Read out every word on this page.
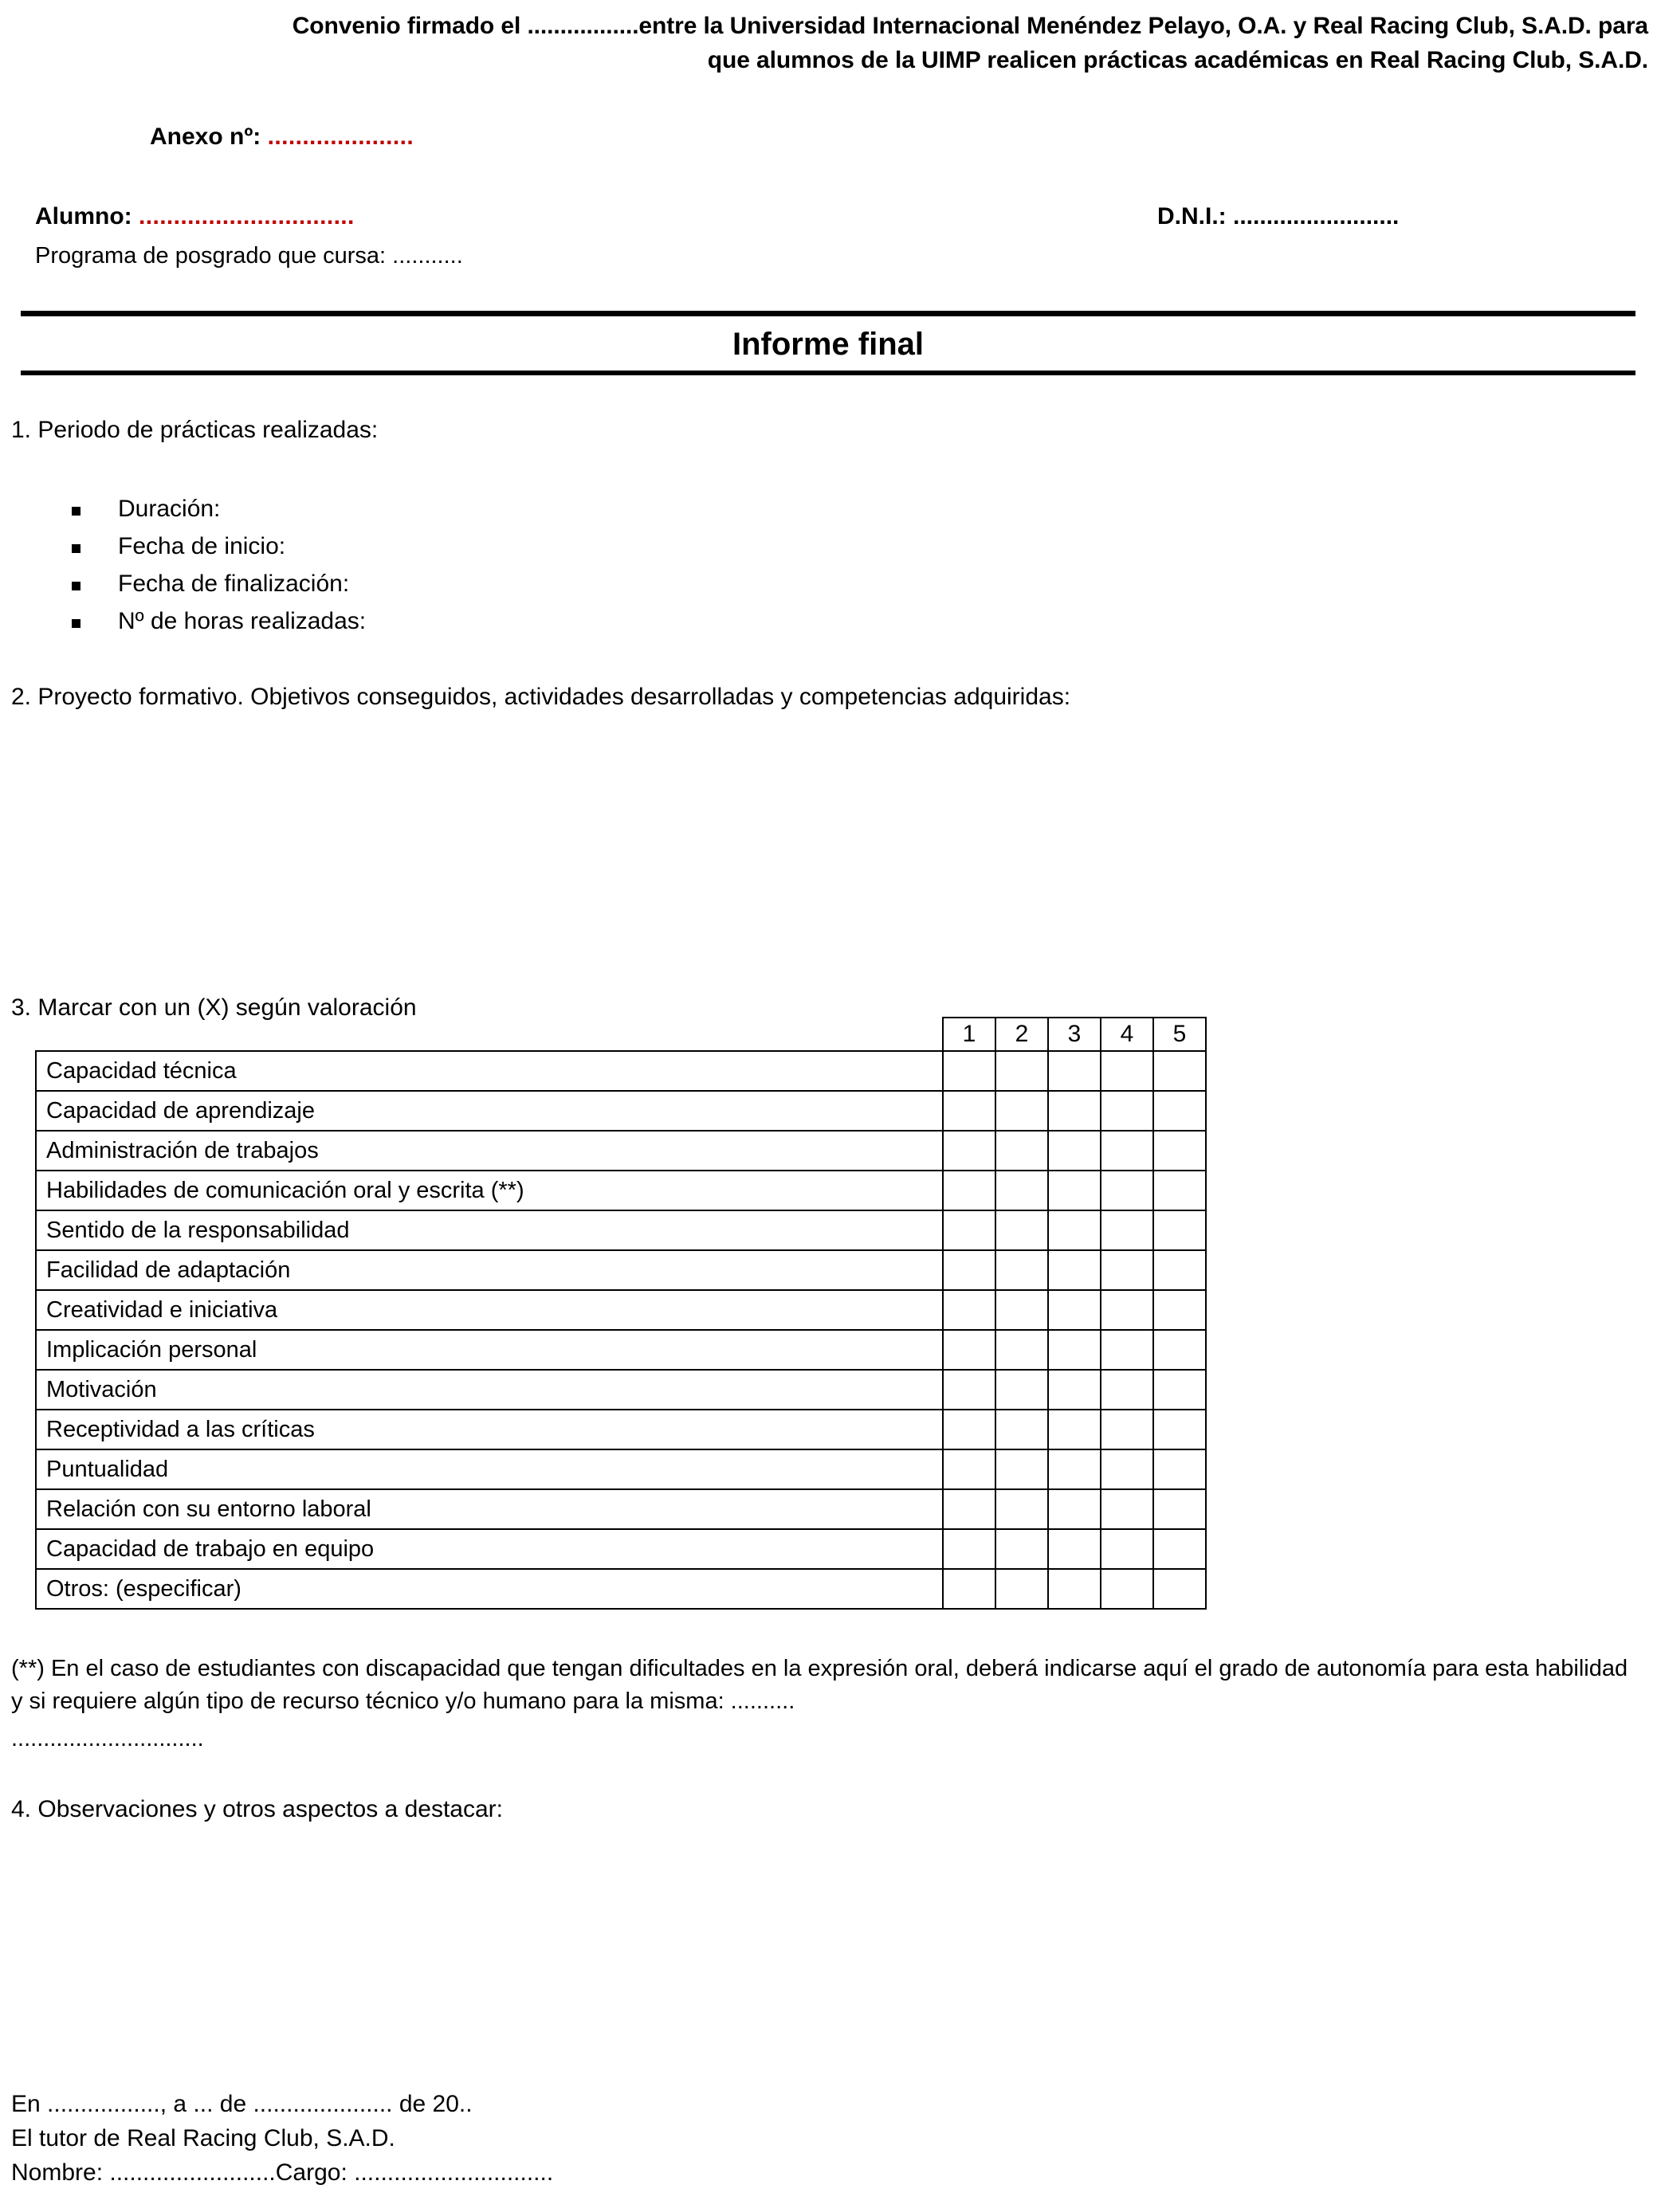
Convenio firmado el .................entre la Universidad Internacional Menéndez Pelayo, O.A. y Real Racing Club, S.A.D. para
que alumnos de la UIMP realicen prácticas académicas en Real Racing Club, S.A.D.
Anexo nº: .....................
Alumno: ...............................	D.N.I.: .........................
Programa de posgrado que cursa: ...........
Informe final
1. Periodo de prácticas realizadas:
Duración:
Fecha de inicio:
Fecha de finalización:
Nº de horas realizadas:
2. Proyecto formativo. Objetivos conseguidos, actividades desarrolladas y competencias adquiridas:
3. Marcar con un (X) según valoración
	1	2	3	4	5
Capacidad técnica					
Capacidad de aprendizaje					
Administración de trabajos					
Habilidades de comunicación oral y escrita (**)					
Sentido de la responsabilidad					
Facilidad de adaptación					
Creatividad e iniciativa					
Implicación personal					
Motivación					
Receptividad a las críticas					
Puntualidad					
Relación con su entorno laboral					
Capacidad de trabajo en equipo					
Otros: (especificar)					
(**) En el caso de estudiantes con discapacidad que tengan dificultades en la expresión oral, deberá indicarse aquí el grado de autonomía para esta habilidad y si requiere algún tipo de recurso técnico y/o humano para la misma: ..........
..............................
4. Observaciones y otros aspectos a destacar:
En ................., a ... de ..................... de 20..
El tutor de Real Racing Club, S.A.D.
Nombre: .........................Cargo: ..............................
